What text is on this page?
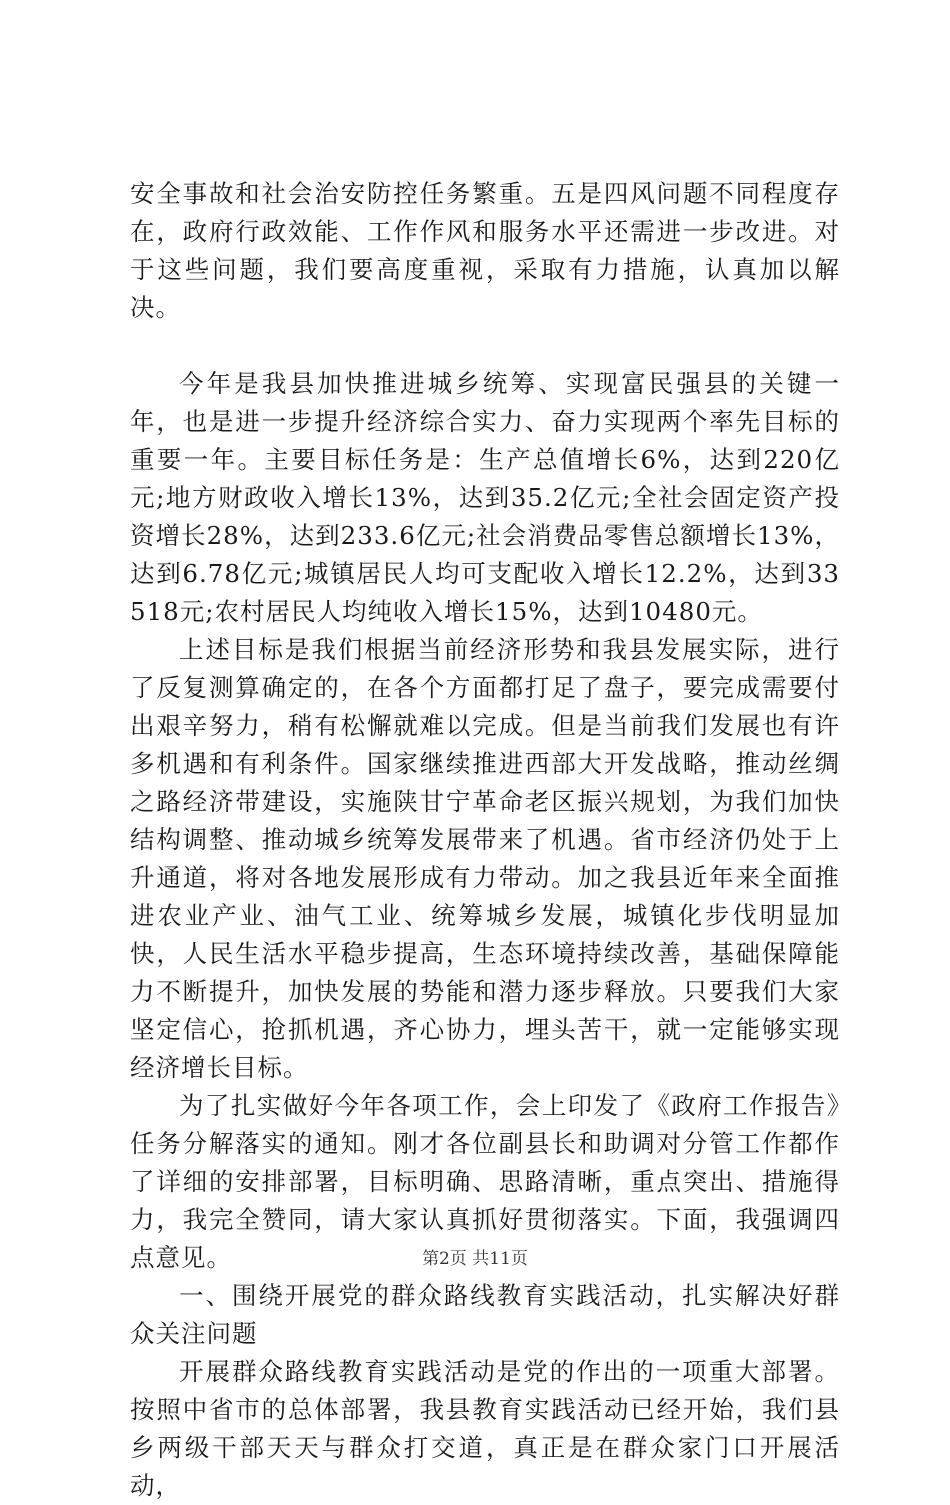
安全事故和社会治安防控任务繁重。五是四风问题不同程度存在，政府行政效能、工作作风和服务水平还需进一步改进。对于这些问题，我们要高度重视，采取有力措施，认真加以解决。

今年是我县加快推进城乡统筹、实现富民强县的关键一年，也是进一步提升经济综合实力、奋力实现两个率先目标的重要一年。主要目标任务是：生产总值增长6%，达到220亿元;地方财政收入增长13%，达到35.2亿元;全社会固定资产投资增长28%，达到233.6亿元;社会消费品零售总额增长13%，达到6.78亿元;城镇居民人均可支配收入增长12.2%，达到33518元;农村居民人均纯收入增长15%，达到10480元。

上述目标是我们根据当前经济形势和我县发展实际，进行了反复测算确定的，在各个方面都打足了盘子，要完成需要付出艰辛努力，稍有松懈就难以完成。但是当前我们发展也有许多机遇和有利条件。国家继续推进西部大开发战略，推动丝绸之路经济带建设，实施陕甘宁革命老区振兴规划，为我们加快结构调整、推动城乡统筹发展带来了机遇。省市经济仍处于上升通道，将对各地发展形成有力带动。加之我县近年来全面推进农业产业、油气工业、统筹城乡发展，城镇化步伐明显加快，人民生活水平稳步提高，生态环境持续改善，基础保障能力不断提升，加快发展的势能和潜力逐步释放。只要我们大家坚定信心，抢抓机遇，齐心协力，埋头苦干，就一定能够实现经济增长目标。

为了扎实做好今年各项工作，会上印发了《政府工作报告》任务分解落实的通知。刚才各位副县长和助调对分管工作都作了详细的安排部署，目标明确、思路清晰，重点突出、措施得力，我完全赞同，请大家认真抓好贯彻落实。下面，我强调四点意见。

一、围绕开展党的群众路线教育实践活动，扎实解决好群众关注问题

开展群众路线教育实践活动是党的作出的一项重大部署。按照中省市的总体部署，我县教育实践活动已经开始，我们县乡两级干部天天与群众打交道，真正是在群众家门口开展活动，

第2页 共11页
